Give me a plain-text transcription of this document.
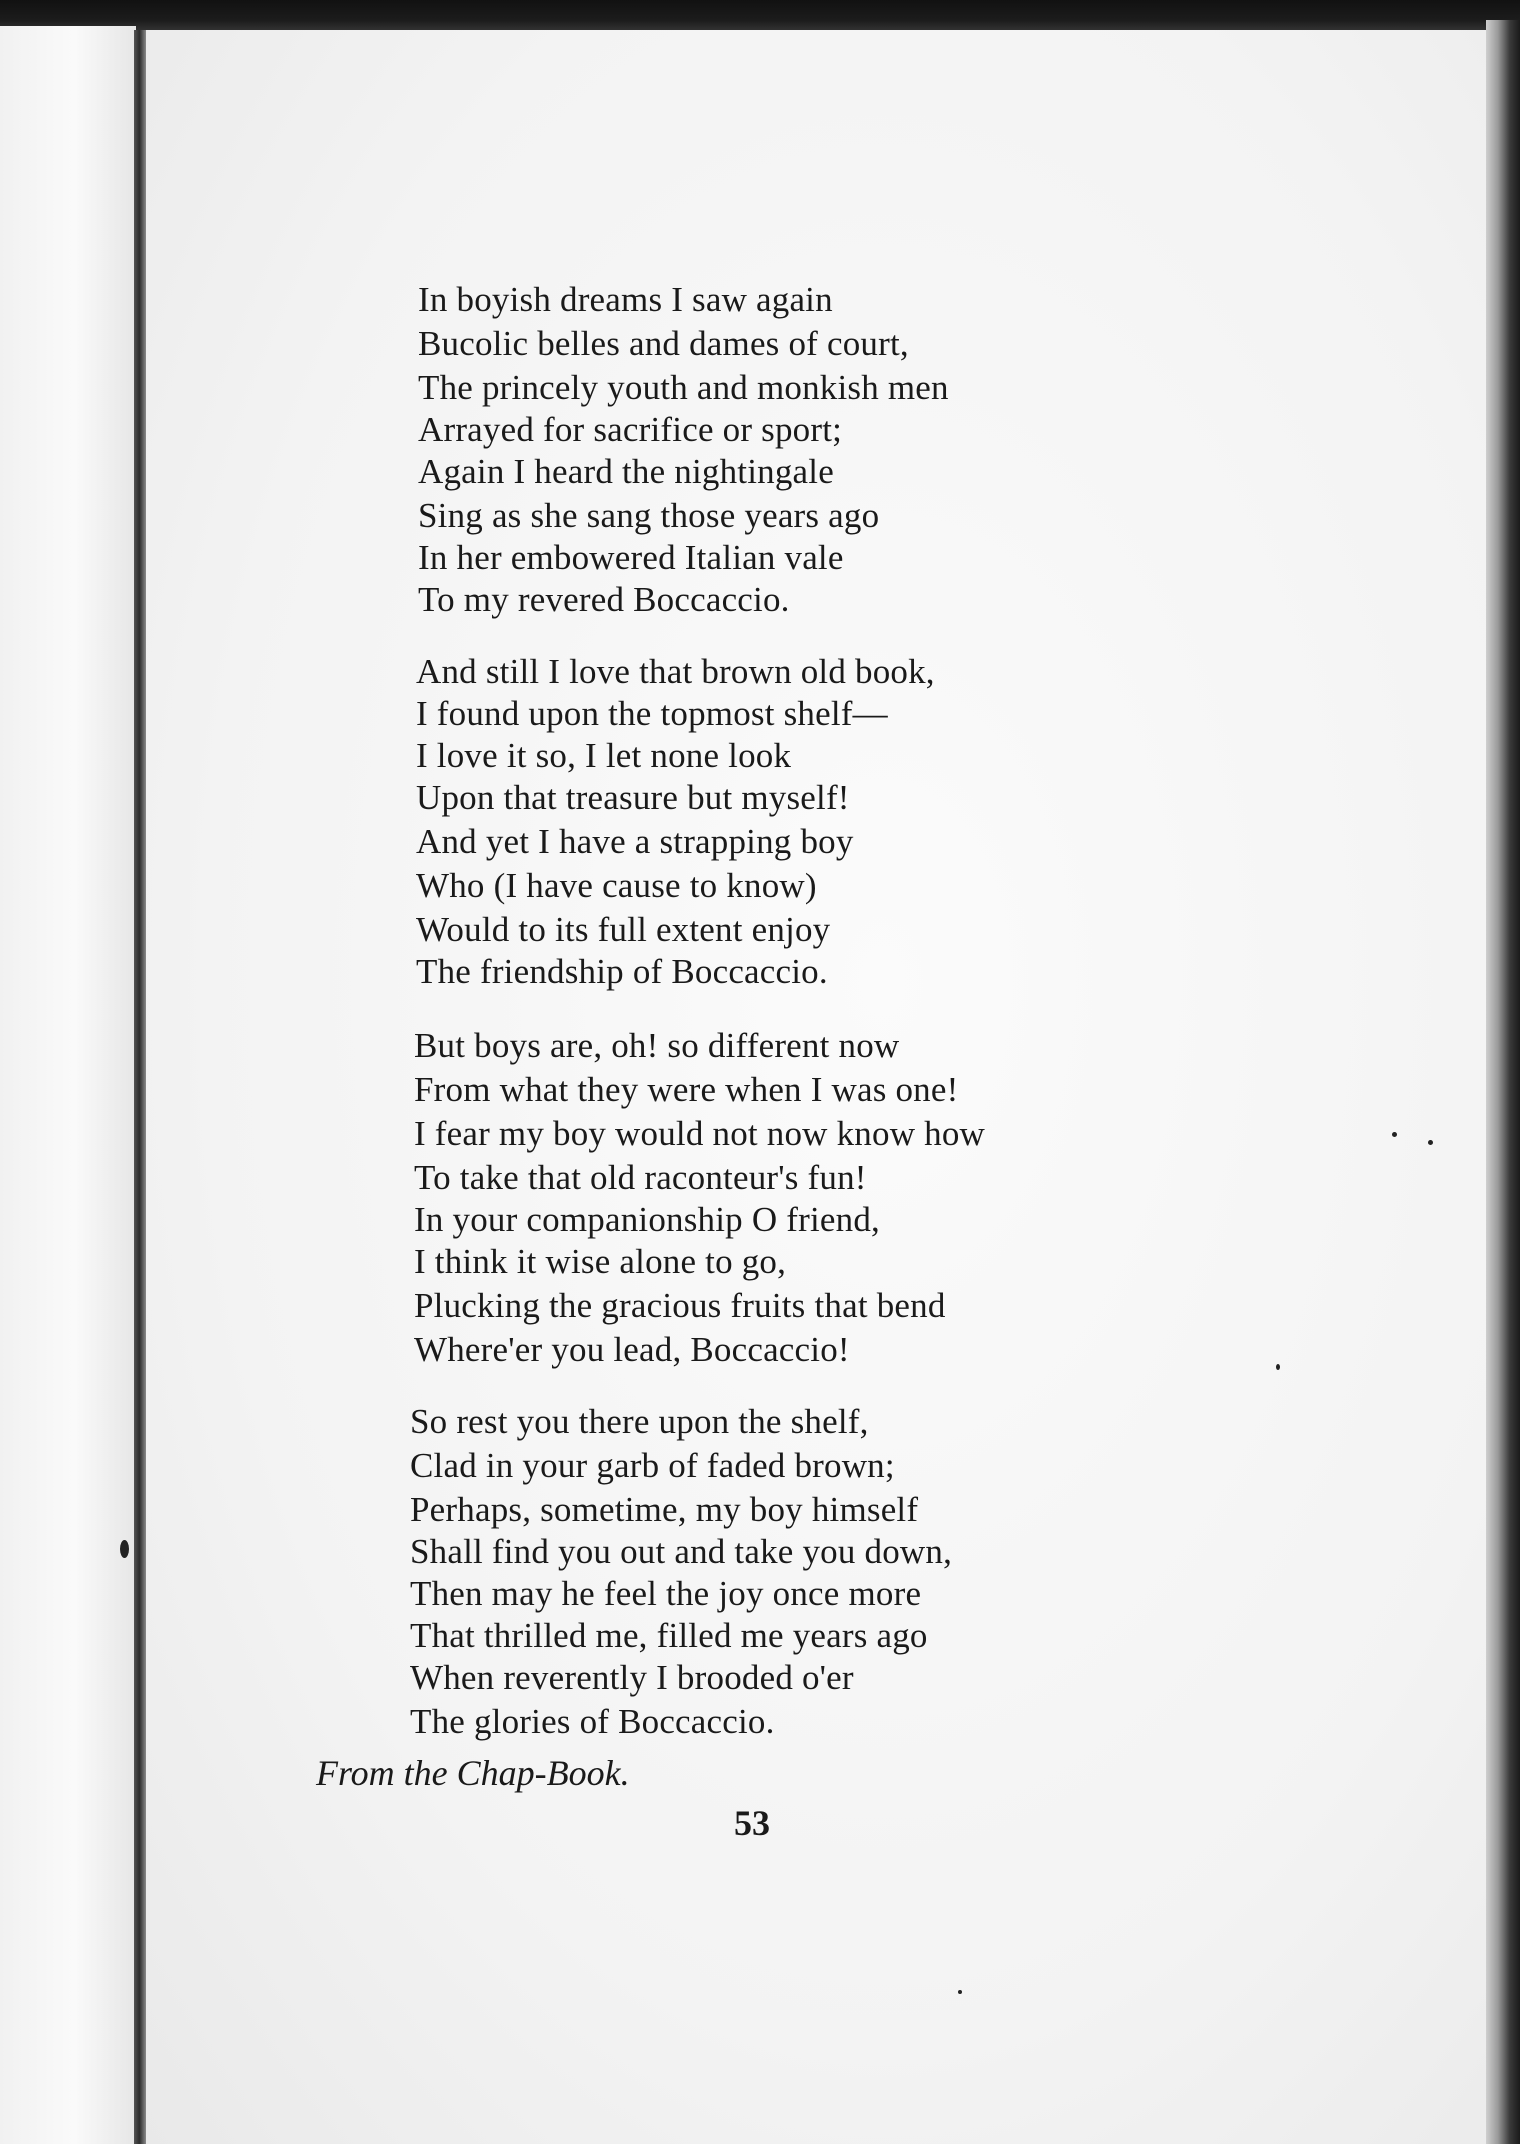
In boyish dreams I saw again
Bucolic belles and dames of court,
The princely youth and monkish men
Arrayed for sacrifice or sport;
Again I heard the nightingale
Sing as she sang those years ago
In her embowered Italian vale
To my revered Boccaccio.
And still I love that brown old book,
I found upon the topmost shelf—
I love it so, I let none look
Upon that treasure but myself!
And yet I have a strapping boy
Who (I have cause to know)
Would to its full extent enjoy
The friendship of Boccaccio.
But boys are, oh! so different now
From what they were when I was one!
I fear my boy would not now know how
To take that old raconteur's fun!
In your companionship O friend,
I think it wise alone to go,
Plucking the gracious fruits that bend
Where'er you lead, Boccaccio!
So rest you there upon the shelf,
Clad in your garb of faded brown;
Perhaps, sometime, my boy himself
Shall find you out and take you down,
Then may he feel the joy once more
That thrilled me, filled me years ago
When reverently I brooded o'er
The glories of Boccaccio.
From the Chap-Book.
53
